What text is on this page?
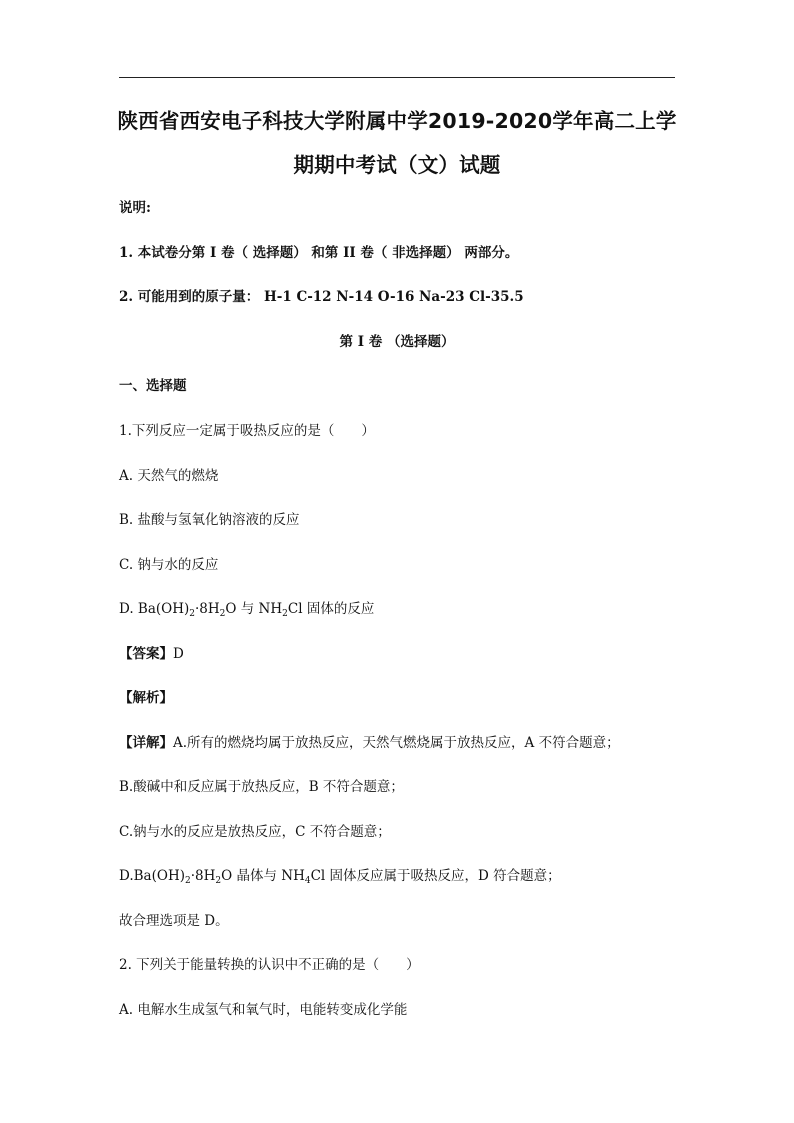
陕西省西安电子科技大学附属中学2019-2020学年高二上学
期期中考试（文）试题
说明:
1. 本试卷分第 I 卷（ 选择题） 和第 II 卷（ 非选择题） 两部分。
2. 可能用到的原子量： H-1 C-12 N-14 O-16 Na-23 Cl-35.5
第 I 卷 （选择题）
一、选择题
1.下列反应一定属于吸热反应的是（　　）
A. 天然气的燃烧
B. 盐酸与氢氧化钠溶液的反应
C. 钠与水的反应
D. $Ba(OH)_2\cdot 8H_2O$ 与 $NH_2Cl$ 固体的反应
【答案】D
【解析】
【详解】A.所有的燃烧均属于放热反应，天然气燃烧属于放热反应，A 不符合题意；
B.酸碱中和反应属于放热反应，B 不符合题意；
C.钠与水的反应是放热反应，C 不符合题意；
$D.Ba(OH)_2\cdot 8H_2O$ 晶体与 $NH_4Cl$ 固体反应属于吸热反应，D 符合题意；
故合理选项是 D。
2. 下列关于能量转换的认识中不正确的是（　　）
A. 电解水生成氢气和氧气时，电能转变成化学能
